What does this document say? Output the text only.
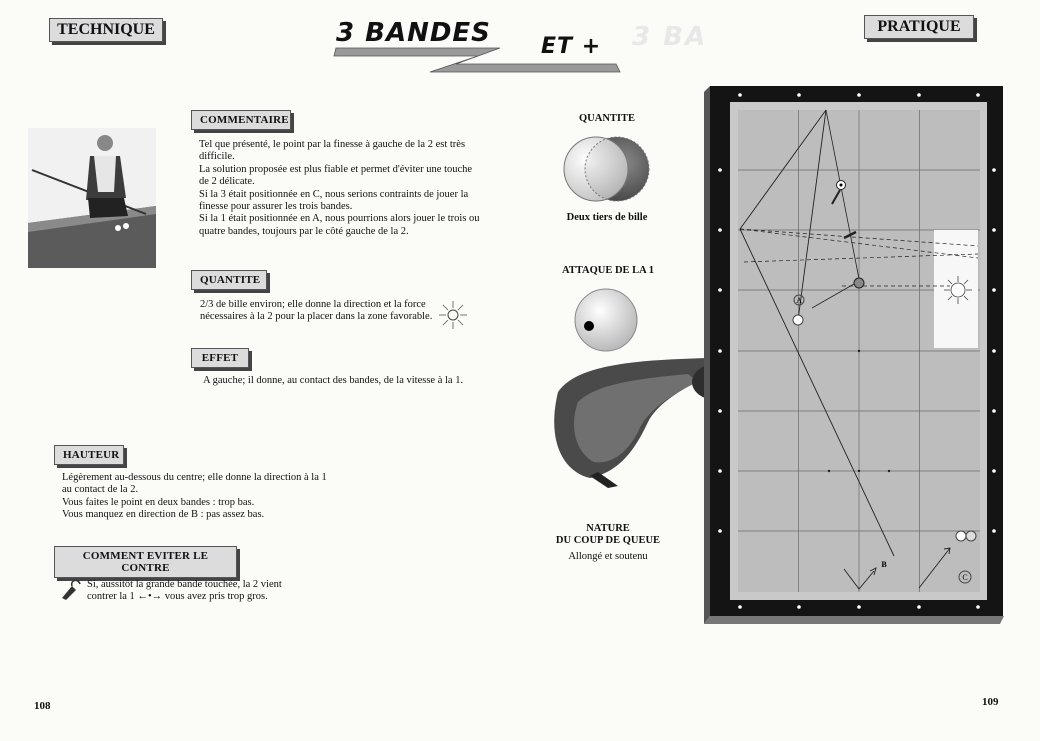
TECHNIQUE	PRATIQUE
3 BA
3 BANDES ET +
COMMENTAIRE

Tel que présenté, le point par la finesse à gauche de la 2 est très difficile.

La solution proposée est plus fiable et permet d'éviter une touche de 2 délicate.

Si la 3 était positionnée en C, nous serions contraints de jouer la finesse pour assurer les trois bandes.

Si la 1 était positionnée en A, nous pourrions alors jouer le trois ou quatre bandes, toujours par le côté gauche de la 2.

QUANTITE
2/3 de bille environ; elle donne la direction et la force nécessaires à la 2 pour la placer dans la zone favorable.
EFFET
A gauche; il donne, au contact des bandes, de la vitesse à la 1.
HAUTEUR

Légèrement au-dessous du centre; elle donne la direction à la 1 au contact de la 2.

Vous faites le point en deux bandes : trop bas.

Vous manquez en direction de B : pas assez bas.

COMMENT EVITER LE CONTRE

Si, aussitôt la grande bande touchée, la 2 vient

contrer la 1 ←•→ vous avez pris trop gros.

108	109
QUANTITE
Deux tiers de bille
ATTAQUE DE LA 1
NATURE
DU COUP DE QUEUE
Allongé et soutenu
A
B
C
